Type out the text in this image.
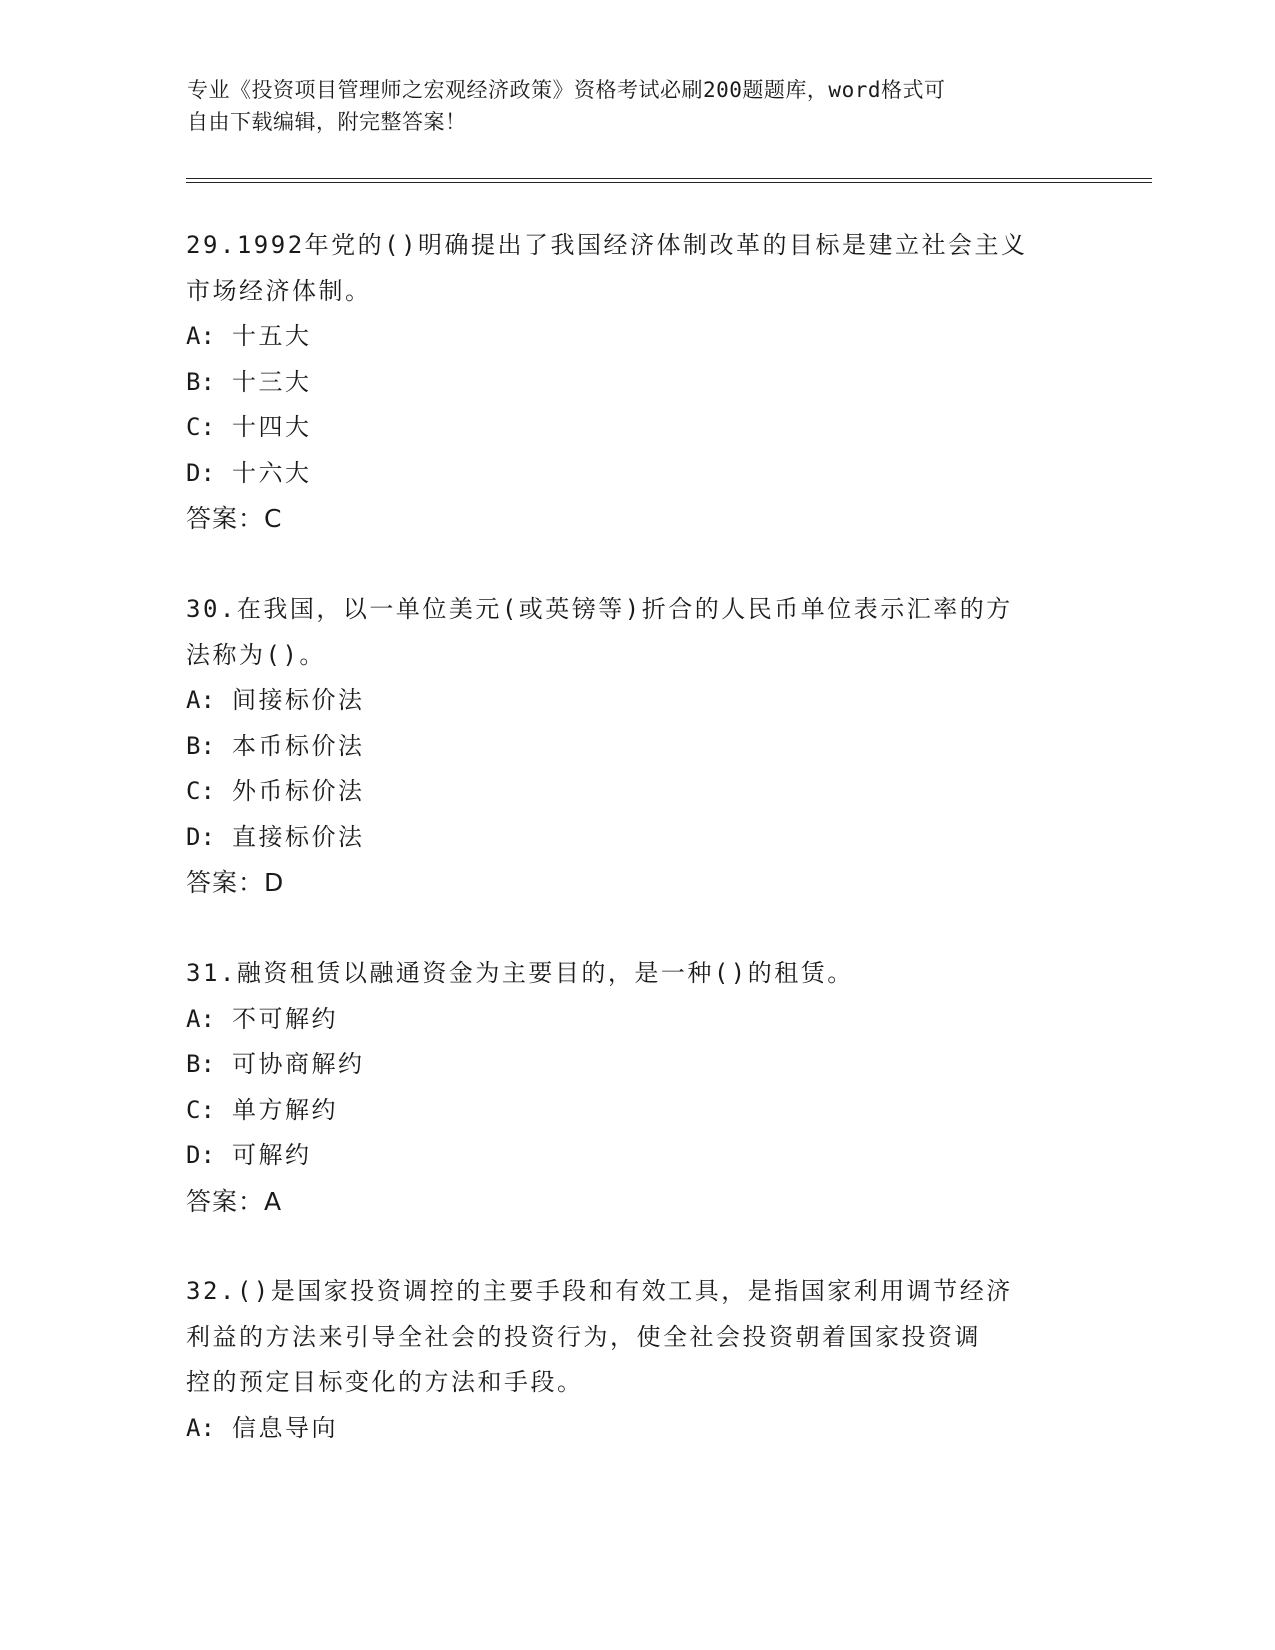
专业《投资项目管理师之宏观经济政策》资格考试必刷200题题库，word格式可
自由下载编辑，附完整答案！

29.1992年党的()明确提出了我国经济体制改革的目标是建立社会主义

市场经济体制。

A: 十五大

B: 十三大

C: 十四大

D: 十六大

答案：C

30.在我国，以一单位美元(或英镑等)折合的人民币单位表示汇率的方

法称为()。

A: 间接标价法

B: 本币标价法

C: 外币标价法

D: 直接标价法

答案：D

31.融资租赁以融通资金为主要目的，是一种()的租赁。

A: 不可解约

B: 可协商解约

C: 单方解约

D: 可解约

答案：A

32.()是国家投资调控的主要手段和有效工具，是指国家利用调节经济

利益的方法来引导全社会的投资行为，使全社会投资朝着国家投资调

控的预定目标变化的方法和手段。

A: 信息导向
